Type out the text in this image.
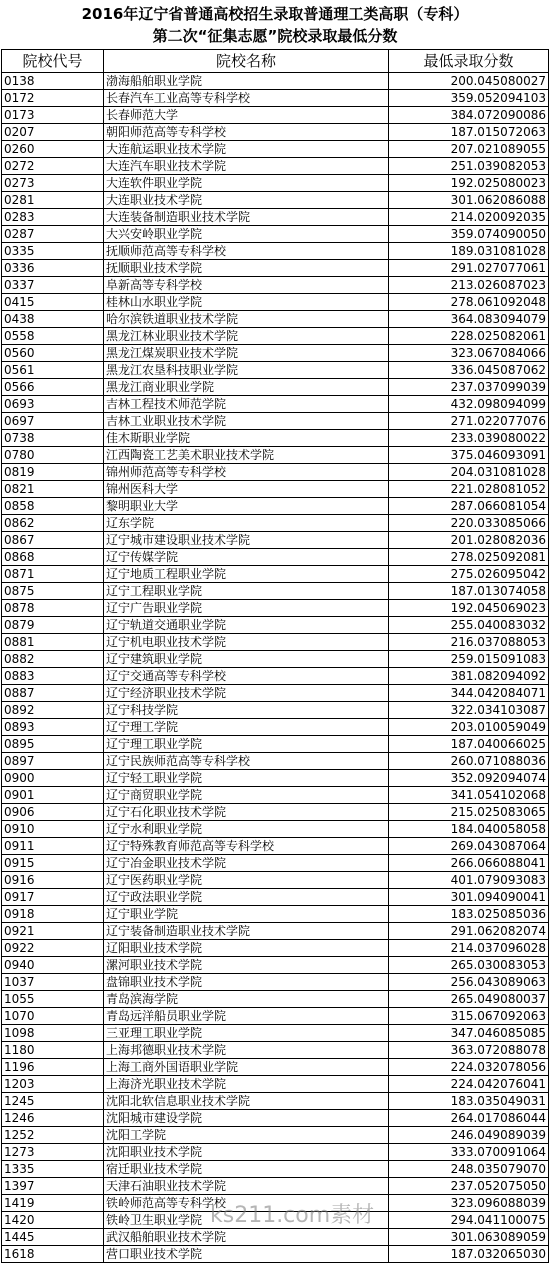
2016年辽宁省普通高校招生录取普通理工类高职（专科）
第二次“征集志愿”院校录取最低分数
院校代号	院校名称	最低录取分数
0138	渤海船舶职业学院	200.045080027
0172	长春汽车工业高等专科学校	359.052094103
0173	长春师范大学	384.072090086
0207	朝阳师范高等专科学校	187.015072063
0260	大连航运职业技术学院	207.021089055
0272	大连汽车职业技术学院	251.039082053
0273	大连软件职业学院	192.025080023
0281	大连职业技术学院	301.062086088
0283	大连装备制造职业技术学院	214.020092035
0287	大兴安岭职业学院	359.074090050
0335	抚顺师范高等专科学校	189.031081028
0336	抚顺职业技术学院	291.027077061
0337	阜新高等专科学校	213.026087023
0415	桂林山水职业学院	278.061092048
0438	哈尔滨铁道职业技术学院	364.083094079
0558	黑龙江林业职业技术学院	228.025082061
0560	黑龙江煤炭职业技术学院	323.067084066
0561	黑龙江农垦科技职业学院	336.045087062
0566	黑龙江商业职业学院	237.037099039
0693	吉林工程技术师范学院	432.098094099
0697	吉林工业职业技术学院	271.022077076
0738	佳木斯职业学院	233.039080022
0780	江西陶瓷工艺美术职业技术学院	375.046093091
0819	锦州师范高等专科学校	204.031081028
0821	锦州医科大学	221.028081052
0858	黎明职业大学	287.066081054
0862	辽东学院	220.033085066
0867	辽宁城市建设职业技术学院	201.028082036
0868	辽宁传媒学院	278.025092081
0871	辽宁地质工程职业学院	275.026095042
0875	辽宁工程职业学院	187.013074058
0878	辽宁广告职业学院	192.045069023
0879	辽宁轨道交通职业学院	255.040083032
0881	辽宁机电职业技术学院	216.037088053
0882	辽宁建筑职业学院	259.015091083
0883	辽宁交通高等专科学校	381.082094092
0887	辽宁经济职业技术学院	344.042084071
0892	辽宁科技学院	322.034103087
0893	辽宁理工学院	203.010059049
0895	辽宁理工职业学院	187.040066025
0897	辽宁民族师范高等专科学校	260.071088036
0900	辽宁轻工职业学院	352.092094074
0901	辽宁商贸职业学院	341.054102068
0906	辽宁石化职业技术学院	215.025083065
0910	辽宁水利职业学院	184.040058058
0911	辽宁特殊教育师范高等专科学校	269.043087064
0915	辽宁冶金职业技术学院	266.066088041
0916	辽宁医药职业学院	401.079093083
0917	辽宁政法职业学院	301.094090041
0918	辽宁职业学院	183.025085036
0921	辽宁装备制造职业技术学院	291.062082074
0922	辽阳职业技术学院	214.037096028
0940	漯河职业技术学院	265.030083053
1037	盘锦职业技术学院	256.043089063
1055	青岛滨海学院	265.049080037
1070	青岛远洋船员职业学院	315.067092063
1098	三亚理工职业学院	347.046085085
1180	上海邦德职业技术学院	363.072088078
1196	上海工商外国语职业学院	224.032078056
1203	上海济光职业技术学院	224.042076041
1245	沈阳北软信息职业技术学院	183.035049031
1246	沈阳城市建设学院	264.017086044
1252	沈阳工学院	246.049089039
1273	沈阳职业技术学院	333.070091064
1335	宿迁职业技术学院	248.035079070
1397	天津石油职业技术学院	237.052075050
1419	铁岭师范高等专科学校	323.096088039
1420	铁岭卫生职业学院	294.041100075
1445	武汉船舶职业技术学院	301.063089059
1618	营口职业技术学院	187.032065030
ks211.com素材
